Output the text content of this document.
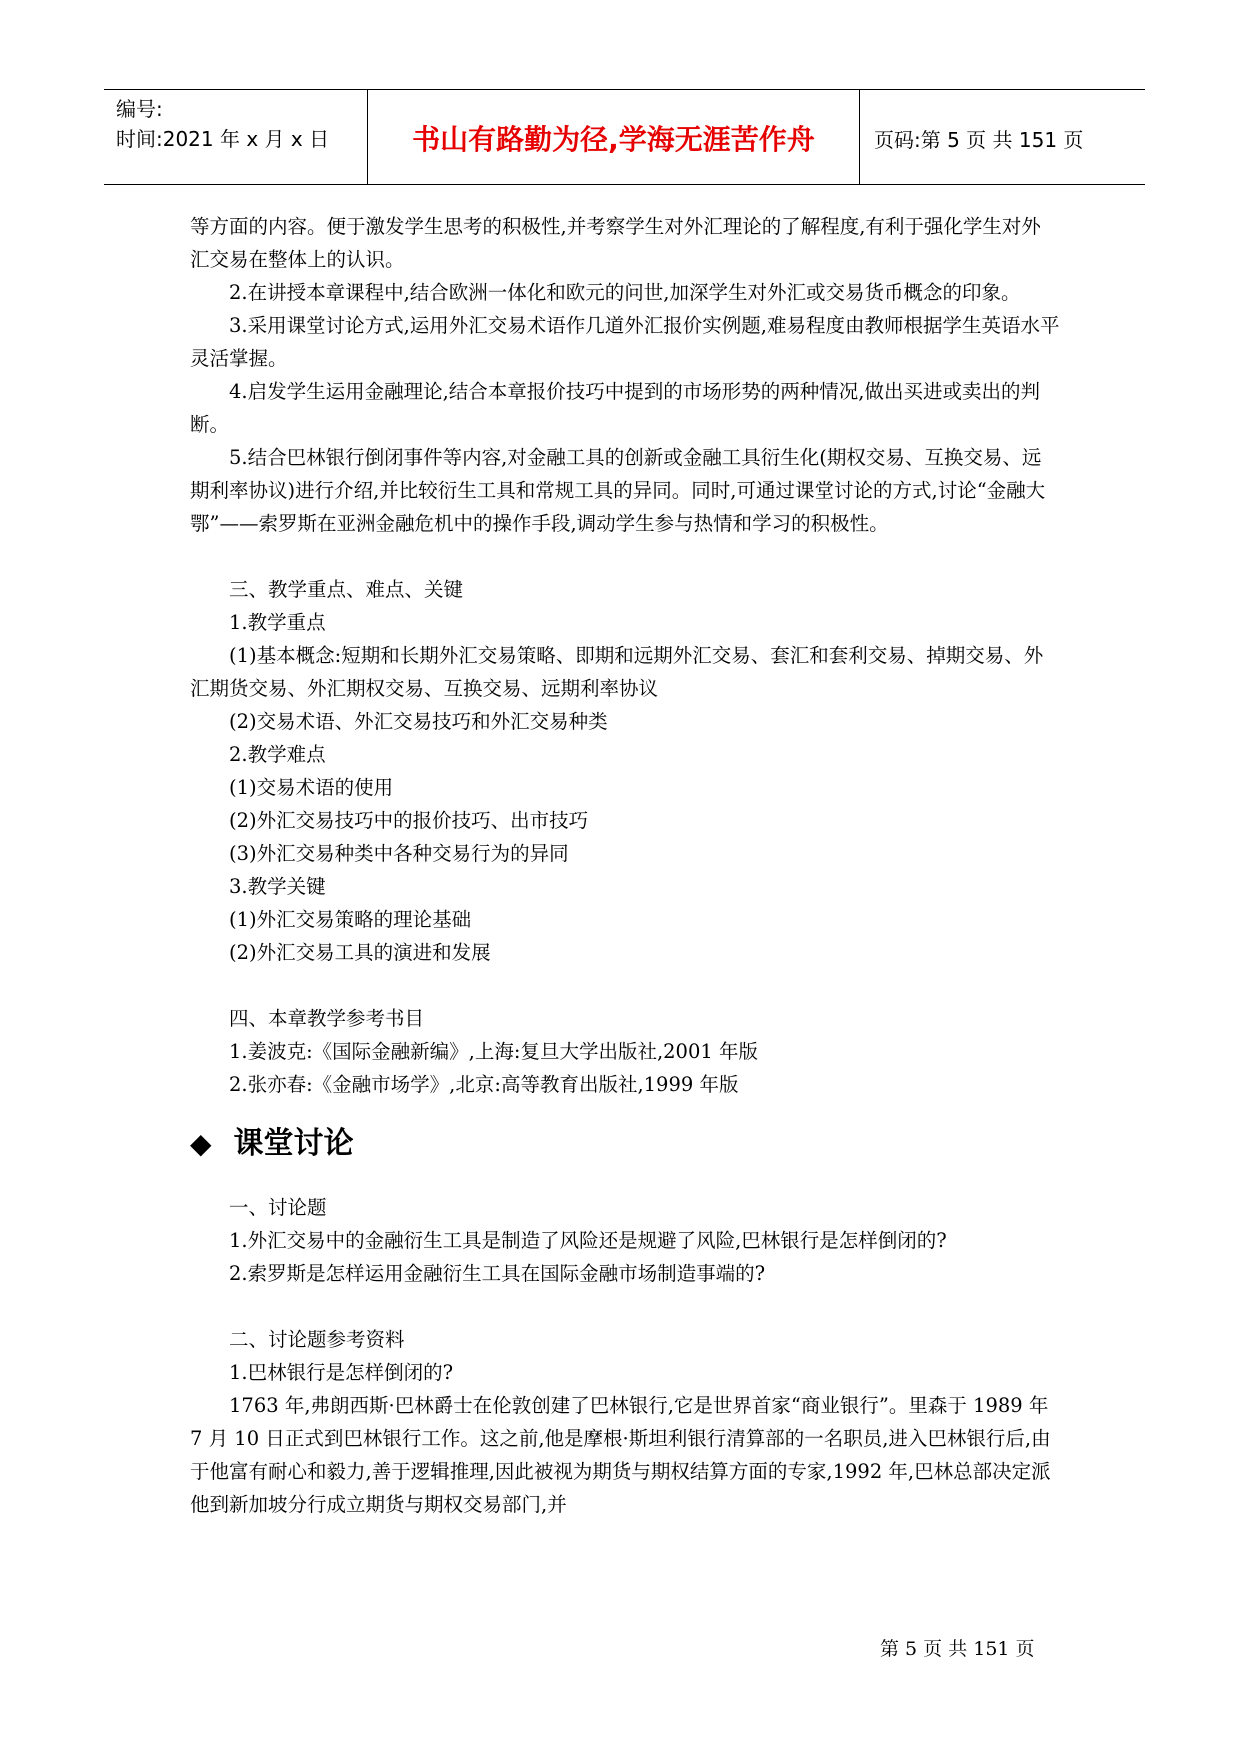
编号:
时间:2021 年 x 月 x 日	书山有路勤为径,学海无涯苦作舟	页码:第 5 页 共 151 页

等方面的内容。便于激发学生思考的积极性,并考察学生对外汇理论的了解程度,有利于强化学生对外汇交易在整体上的认识。

2.在讲授本章课程中,结合欧洲一体化和欧元的问世,加深学生对外汇或交易货币概念的印象。

3.采用课堂讨论方式,运用外汇交易术语作几道外汇报价实例题,难易程度由教师根据学生英语水平灵活掌握。

4.启发学生运用金融理论,结合本章报价技巧中提到的市场形势的两种情况,做出买进或卖出的判断。

5.结合巴林银行倒闭事件等内容,对金融工具的创新或金融工具衍生化(期权交易、互换交易、远期利率协议)进行介绍,并比较衍生工具和常规工具的异同。同时,可通过课堂讨论的方式,讨论“金融大鄂”——索罗斯在亚洲金融危机中的操作手段,调动学生参与热情和学习的积极性。

三、教学重点、难点、关键

1.教学重点

(1)基本概念:短期和长期外汇交易策略、即期和远期外汇交易、套汇和套利交易、掉期交易、外汇期货交易、外汇期权交易、互换交易、远期利率协议

(2)交易术语、外汇交易技巧和外汇交易种类

2.教学难点

(1)交易术语的使用

(2)外汇交易技巧中的报价技巧、出市技巧

(3)外汇交易种类中各种交易行为的异同

3.教学关键

(1)外汇交易策略的理论基础

(2)外汇交易工具的演进和发展

四、本章教学参考书目

1.姜波克:《国际金融新编》,上海:复旦大学出版社,2001 年版

2.张亦春:《金融市场学》,北京:高等教育出版社,1999 年版

◆ 课堂讨论

一、讨论题

1.外汇交易中的金融衍生工具是制造了风险还是规避了风险,巴林银行是怎样倒闭的?

2.索罗斯是怎样运用金融衍生工具在国际金融市场制造事端的?

二、讨论题参考资料

1.巴林银行是怎样倒闭的?

1763 年,弗朗西斯·巴林爵士在伦敦创建了巴林银行,它是世界首家“商业银行”。里森于 1989 年 7 月 10 日正式到巴林银行工作。这之前,他是摩根·斯坦利银行清算部的一名职员,进入巴林银行后,由于他富有耐心和毅力,善于逻辑推理,因此被视为期货与期权结算方面的专家,1992 年,巴林总部决定派他到新加坡分行成立期货与期权交易部门,并

第 5 页 共 151 页
